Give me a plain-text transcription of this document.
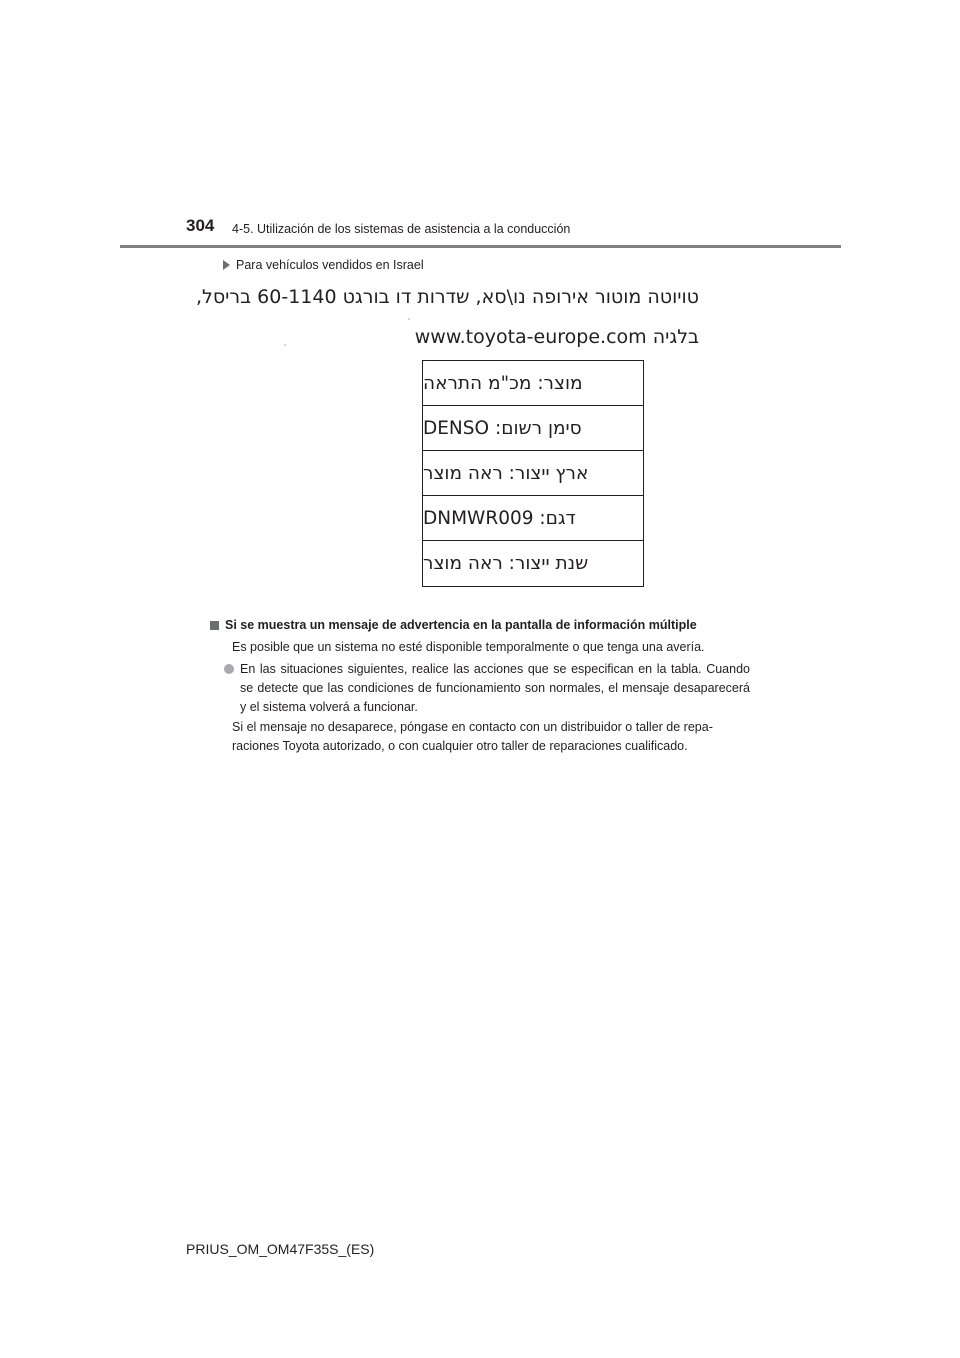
304 4-5. Utilización de los sistemas de asistencia a la conducción
Para vehículos vendidos en Israel
טויוטה מוטור אירופה נו\סא, שדרות דו בורגט 60-1140 בריסל,
בלגיה www.toyota-europe.com
מוצר: מכ"מ התראה
סימן רשום: DENSO
ארץ ייצור: ראה מוצר
דגם: DNMWR009
שנת ייצור: ראה מוצר
Si se muestra un mensaje de advertencia en la pantalla de información múltiple
Es posible que un sistema no esté disponible temporalmente o que tenga una avería.
En las situaciones siguientes, realice las acciones que se especifican en la tabla. Cuando se detecte que las condiciones de funcionamiento son normales, el mensaje desaparecerá y el sistema volverá a funcionar.
Si el mensaje no desaparece, póngase en contacto con un distribuidor o taller de repa-raciones Toyota autorizado, o con cualquier otro taller de reparaciones cualificado.
PRIUS_OM_OM47F35S_(ES)
